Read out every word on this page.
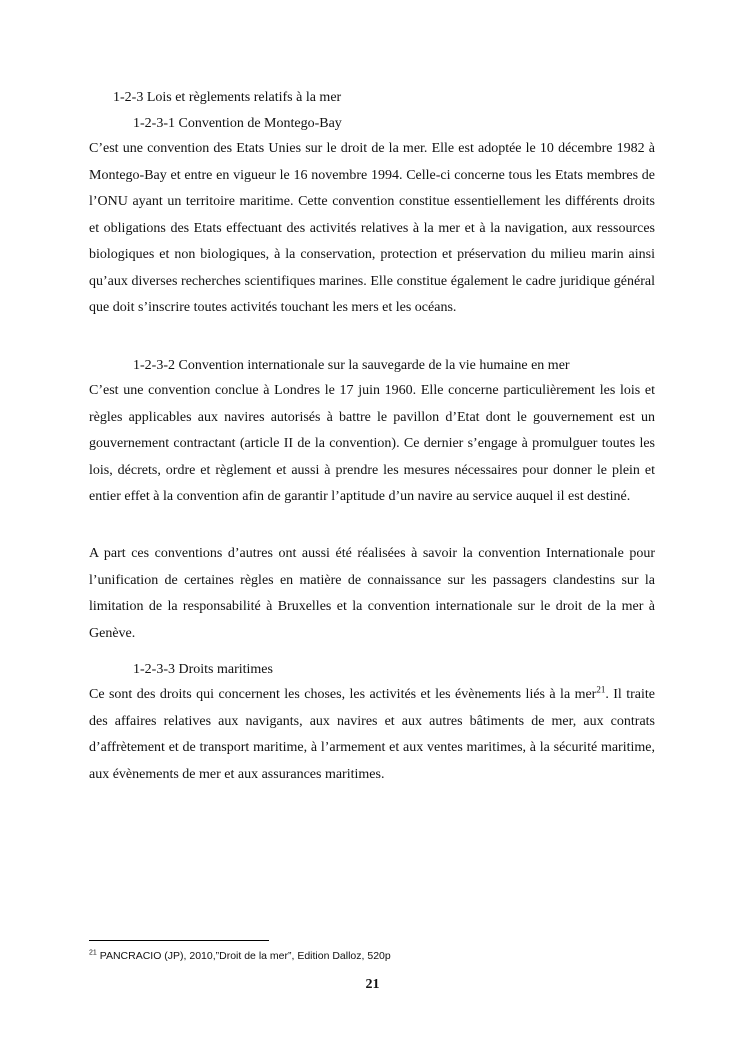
1-2-3 Lois et règlements relatifs à la mer
1-2-3-1 Convention de Montego-Bay

C’est une convention des Etats Unies sur le droit de la mer. Elle est adoptée le 10 décembre 1982 à Montego-Bay et entre en vigueur le 16 novembre 1994. Celle-ci concerne tous les Etats membres de l’ONU ayant un territoire maritime. Cette convention constitue essentiellement les différents droits et obligations des Etats effectuant des activités relatives à la mer et à la navigation, aux ressources biologiques et non biologiques, à la conservation, protection et préservation du milieu marin ainsi qu’aux diverses recherches scientifiques marines. Elle constitue également le cadre juridique général que doit s’inscrire toutes activités touchant les mers et les océans.

1-2-3-2 Convention internationale sur la sauvegarde de la vie humaine en mer

C’est une convention conclue à Londres le 17 juin 1960. Elle concerne particulièrement les lois et règles applicables aux navires autorisés à battre le pavillon d’Etat dont le gouvernement est un gouvernement contractant (article II de la convention). Ce dernier s’engage à promulguer toutes les lois, décrets, ordre et règlement et aussi à prendre les mesures nécessaires pour donner le plein et entier effet à la convention afin de garantir l’aptitude d’un navire au service auquel il est destiné.

A part ces conventions d’autres ont aussi été réalisées à savoir la convention Internationale pour l’unification de certaines règles en matière de connaissance sur les passagers clandestins sur la limitation de la responsabilité à Bruxelles et la convention internationale sur le droit de la mer à Genève.

1-2-3-3 Droits maritimes

Ce sont des droits qui concernent les choses, les activités et les évènements liés à la mer$^{21}$. Il traite des affaires relatives aux navigants, aux navires et aux autres bâtiments de mer, aux contrats d’affrètement et de transport maritime, à l’armement et aux ventes maritimes, à la sécurité maritime, aux évènements de mer et aux assurances maritimes.

$^{21}$ PANCRACIO (JP), 2010,”Droit de la mer”, Edition Dalloz, 520p
21
